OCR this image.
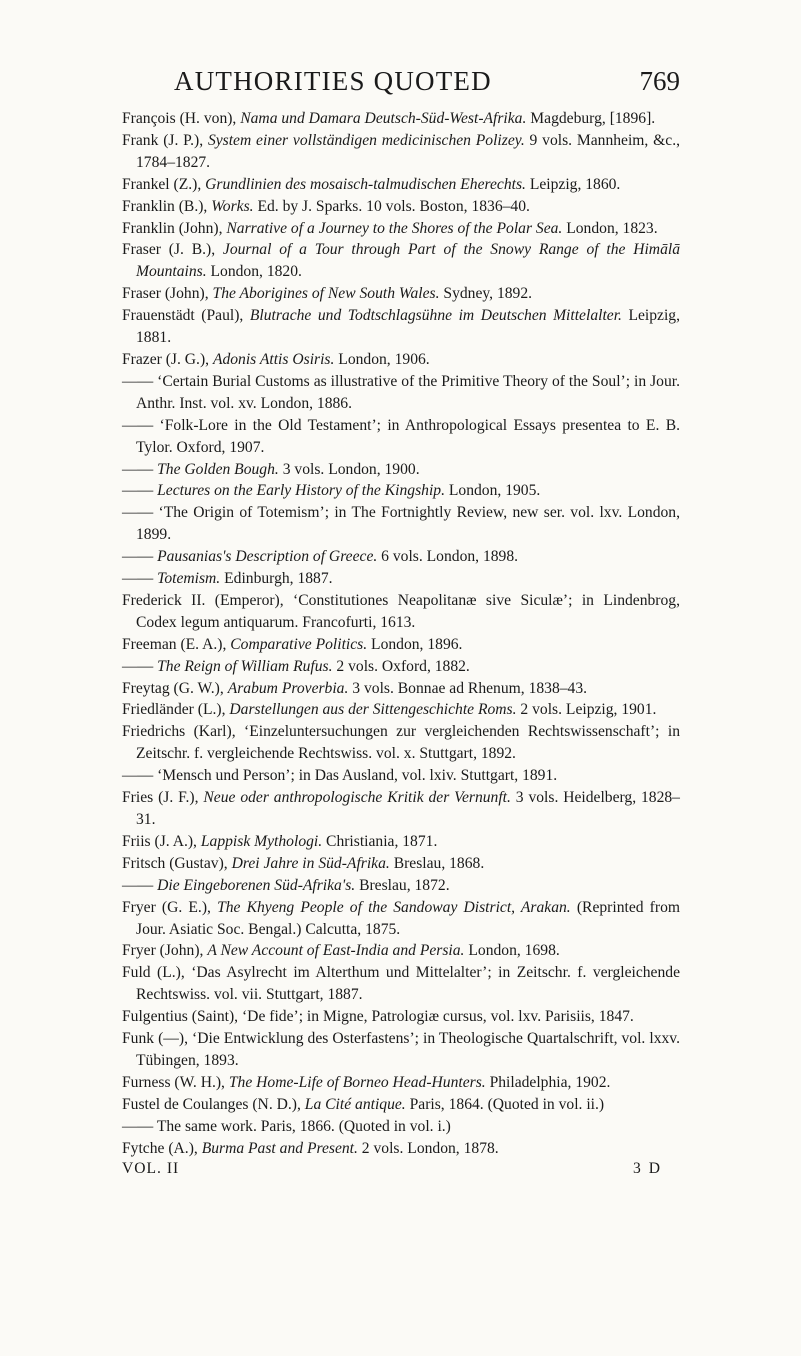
AUTHORITIES QUOTED	769

François (H. von), Nama und Damara Deutsch-Süd-West-Afrika. Magdeburg, [1896].

Frank (J. P.), System einer vollständigen medicinischen Polizey. 9 vols. Mannheim, &c., 1784–1827.

Frankel (Z.), Grundlinien des mosaisch-talmudischen Eherechts. Leipzig, 1860.

Franklin (B.), Works. Ed. by J. Sparks. 10 vols. Boston, 1836–40.

Franklin (John), Narrative of a Journey to the Shores of the Polar Sea. London, 1823.

Fraser (J. B.), Journal of a Tour through Part of the Snowy Range of the Himālā Mountains. London, 1820.

Fraser (John), The Aborigines of New South Wales. Sydney, 1892.

Frauenstädt (Paul), Blutrache und Todtschlagsühne im Deutschen Mittelalter. Leipzig, 1881.

Frazer (J. G.), Adonis Attis Osiris. London, 1906.

—— ‘Certain Burial Customs as illustrative of the Primitive Theory of the Soul’; in Jour. Anthr. Inst. vol. xv. London, 1886.

—— ‘Folk-Lore in the Old Testament’; in Anthropological Essays presentea to E. B. Tylor. Oxford, 1907.

—— The Golden Bough. 3 vols. London, 1900.

—— Lectures on the Early History of the Kingship. London, 1905.

—— ‘The Origin of Totemism’; in The Fortnightly Review, new ser. vol. lxv. London, 1899.

—— Pausanias's Description of Greece. 6 vols. London, 1898.

—— Totemism. Edinburgh, 1887.

Frederick II. (Emperor), ‘Constitutiones Neapolitanæ sive Siculæ’; in Lindenbrog, Codex legum antiquarum. Francofurti, 1613.

Freeman (E. A.), Comparative Politics. London, 1896.

—— The Reign of William Rufus. 2 vols. Oxford, 1882.

Freytag (G. W.), Arabum Proverbia. 3 vols. Bonnae ad Rhenum, 1838–43.

Friedländer (L.), Darstellungen aus der Sittengeschichte Roms. 2 vols. Leipzig, 1901.

Friedrichs (Karl), ‘Einzeluntersuchungen zur vergleichenden Rechtswissenschaft’; in Zeitschr. f. vergleichende Rechtswiss. vol. x. Stuttgart, 1892.

—— ‘Mensch und Person’; in Das Ausland, vol. lxiv. Stuttgart, 1891.

Fries (J. F.), Neue oder anthropologische Kritik der Vernunft. 3 vols. Heidelberg, 1828–31.

Friis (J. A.), Lappisk Mythologi. Christiania, 1871.

Fritsch (Gustav), Drei Jahre in Süd-Afrika. Breslau, 1868.

—— Die Eingeborenen Süd-Afrika's. Breslau, 1872.

Fryer (G. E.), The Khyeng People of the Sandoway District, Arakan. (Reprinted from Jour. Asiatic Soc. Bengal.) Calcutta, 1875.

Fryer (John), A New Account of East-India and Persia. London, 1698.

Fuld (L.), ‘Das Asylrecht im Alterthum und Mittelalter’; in Zeitschr. f. vergleichende Rechtswiss. vol. vii. Stuttgart, 1887.

Fulgentius (Saint), ‘De fide’; in Migne, Patrologiæ cursus, vol. lxv. Parisiis, 1847.

Funk (—), ‘Die Entwicklung des Osterfastens’; in Theologische Quartalschrift, vol. lxxv. Tübingen, 1893.

Furness (W. H.), The Home-Life of Borneo Head-Hunters. Philadelphia, 1902.

Fustel de Coulanges (N. D.), La Cité antique. Paris, 1864. (Quoted in vol. ii.)

—— The same work. Paris, 1866. (Quoted in vol. i.)

Fytche (A.), Burma Past and Present. 2 vols. London, 1878.

VOL. II	3 D
